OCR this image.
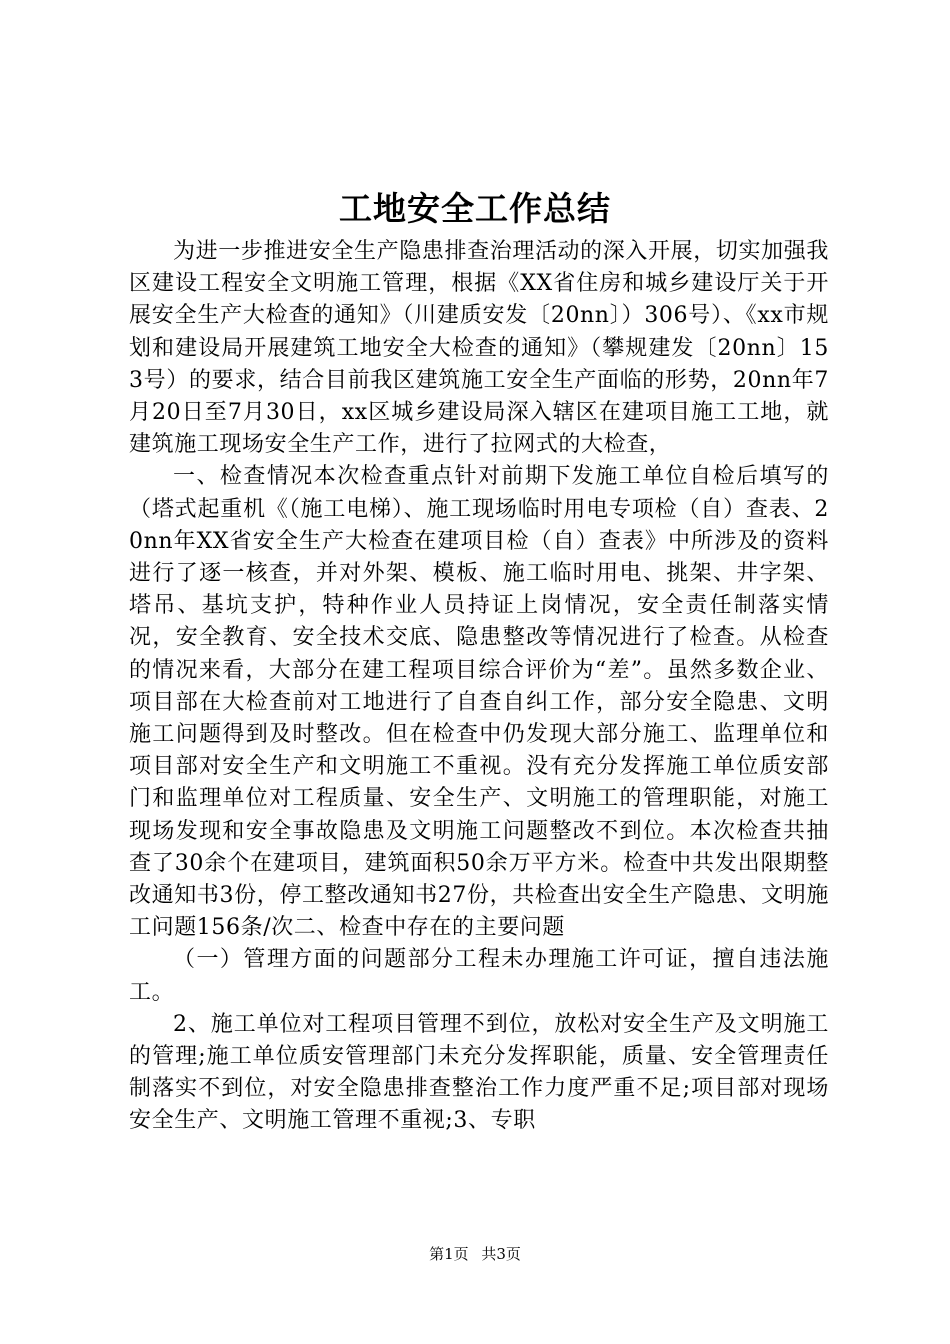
工地安全工作总结

为进一步推进安全生产隐患排查治理活动的深入开展，切实加强我区建设工程安全文明施工管理，根据《XX省住房和城乡建设厅关于开展安全生产大检查的通知》（川建质安发〔20nn〕）306号）、《xx市规划和建设局开展建筑工地安全大检查的通知》（攀规建发〔20nn〕153号）的要求，结合目前我区建筑施工安全生产面临的形势，20nn年7月20日至7月30日，xx区城乡建设局深入辖区在建项目施工工地，就建筑施工现场安全生产工作，进行了拉网式的大检查，

一、检查情况本次检查重点针对前期下发施工单位自检后填写的（塔式起重机《（施工电梯）、施工现场临时用电专项检（自）查表、20nn年XX省安全生产大检查在建项目检（自）查表》中所涉及的资料进行了逐一核查，并对外架、模板、施工临时用电、挑架、井字架、塔吊、基坑支护，特种作业人员持证上岗情况，安全责任制落实情况，安全教育、安全技术交底、隐患整改等情况进行了检查。从检查的情况来看，大部分在建工程项目综合评价为“差”。虽然多数企业、项目部在大检查前对工地进行了自查自纠工作，部分安全隐患、文明施工问题得到及时整改。但在检查中仍发现大部分施工、监理单位和项目部对安全生产和文明施工不重视。没有充分发挥施工单位质安部门和监理单位对工程质量、安全生产、文明施工的管理职能，对施工现场发现和安全事故隐患及文明施工问题整改不到位。本次检查共抽查了30余个在建项目，建筑面积50余万平方米。检查中共发出限期整改通知书3份，停工整改通知书27份，共检查出安全生产隐患、文明施工问题156条/次二、检查中存在的主要问题

（一）管理方面的问题部分工程未办理施工许可证，擅自违法施工。

2、施工单位对工程项目管理不到位，放松对安全生产及文明施工的管理;施工单位质安管理部门未充分发挥职能，质量、安全管理责任制落实不到位，对安全隐患排查整治工作力度严重不足;项目部对现场安全生产、文明施工管理不重视;3、专职

第1页 共3页
